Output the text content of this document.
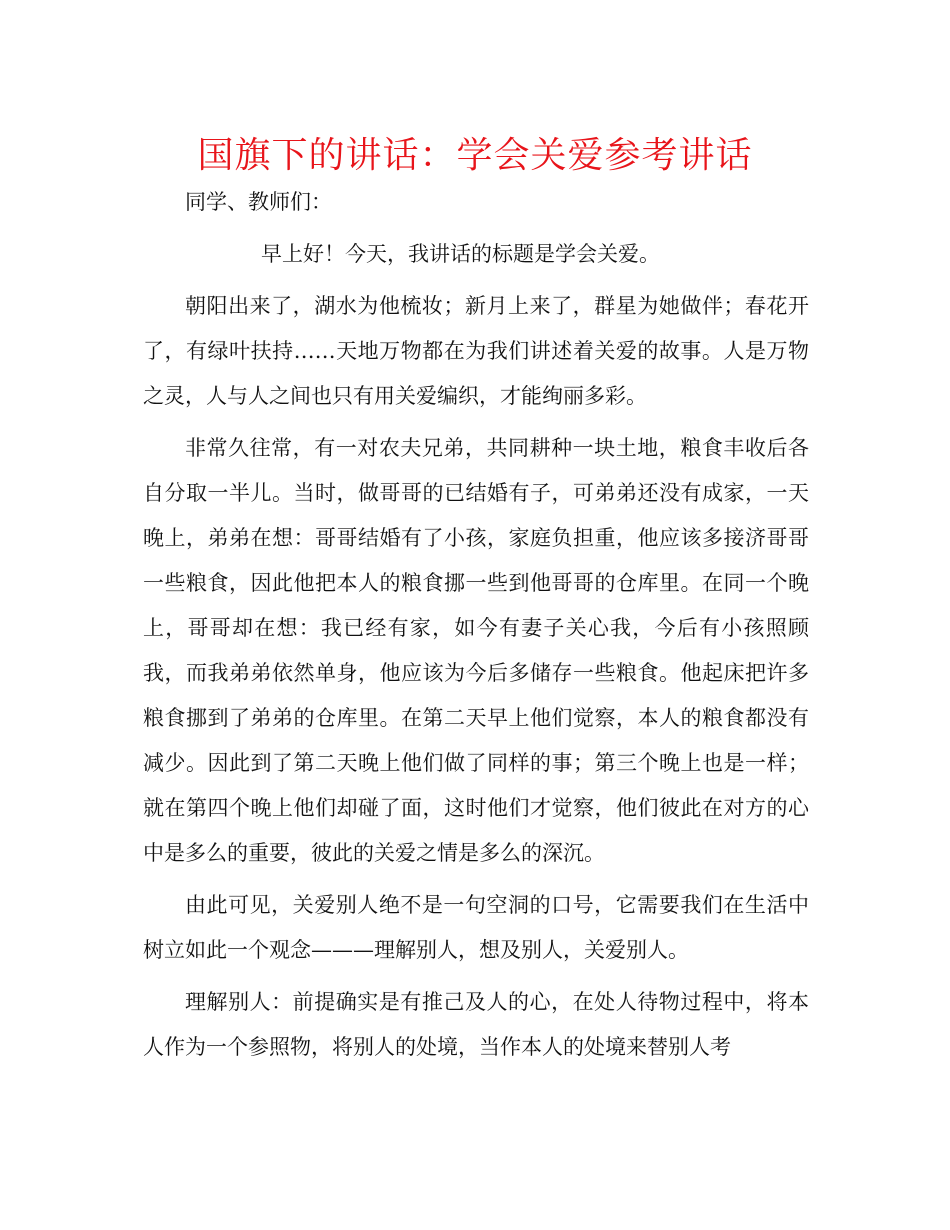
国旗下的讲话：学会关爱参考讲话

同学、教师们：

早上好！今天，我讲话的标题是学会关爱。

朝阳出来了，湖水为他梳妆；新月上来了，群星为她做伴；春花开了，有绿叶扶持……天地万物都在为我们讲述着关爱的故事。人是万物之灵，人与人之间也只有用关爱编织，才能绚丽多彩。

非常久往常，有一对农夫兄弟，共同耕种一块土地，粮食丰收后各自分取一半儿。当时，做哥哥的已结婚有子，可弟弟还没有成家，一天晚上，弟弟在想：哥哥结婚有了小孩，家庭负担重，他应该多接济哥哥一些粮食，因此他把本人的粮食挪一些到他哥哥的仓库里。在同一个晚上，哥哥却在想：我已经有家，如今有妻子关心我，今后有小孩照顾我，而我弟弟依然单身，他应该为今后多储存一些粮食。他起床把许多粮食挪到了弟弟的仓库里。在第二天早上他们觉察，本人的粮食都没有减少。因此到了第二天晚上他们做了同样的事；第三个晚上也是一样；就在第四个晚上他们却碰了面，这时他们才觉察，他们彼此在对方的心中是多么的重要，彼此的关爱之情是多么的深沉。

由此可见，关爱别人绝不是一句空洞的口号，它需要我们在生活中树立如此一个观念———理解别人，想及别人，关爱别人。

理解别人：前提确实是有推己及人的心，在处人待物过程中，将本人作为一个参照物，将别人的处境，当作本人的处境来替别人考
